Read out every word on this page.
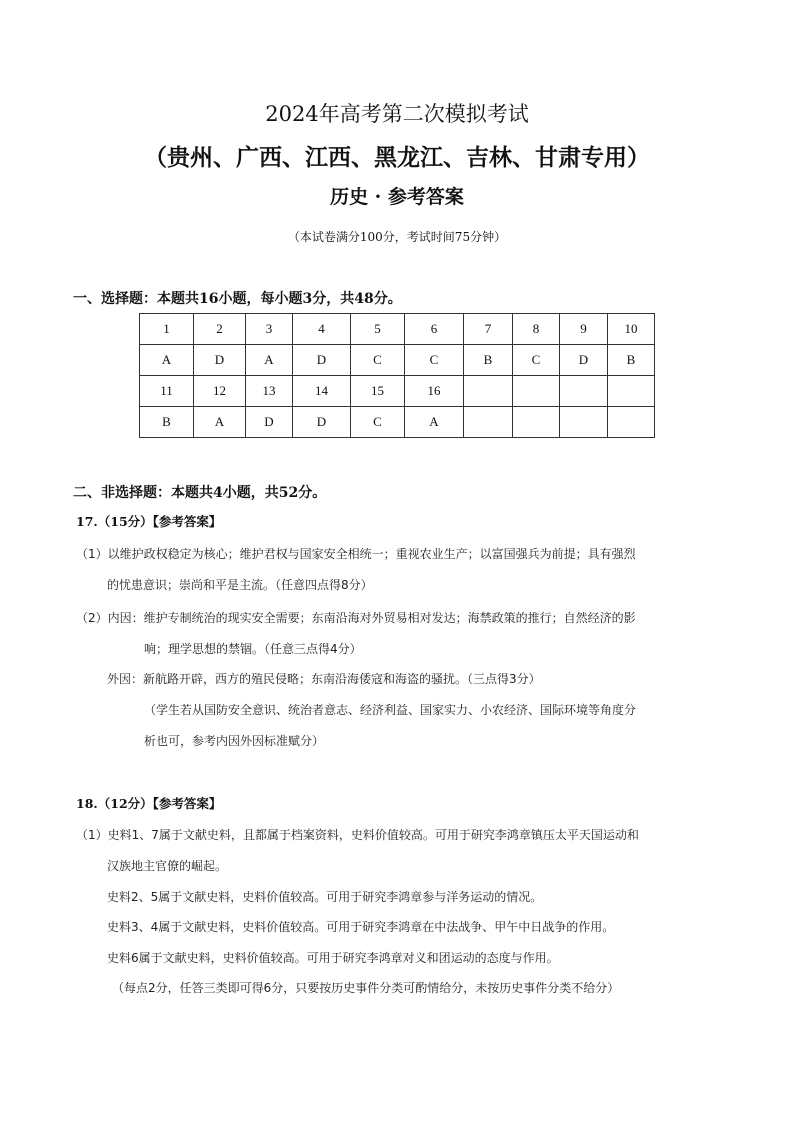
2024年高考第二次模拟考试
（贵州、广西、江西、黑龙江、吉林、甘肃专用）
历史 · 参考答案
（本试卷满分100分，考试时间75分钟）
一、选择题：本题共16小题，每小题3分，共48分。
1	2	3	4	5	6	7	8	9	10
A	D	A	D	C	C	B	C	D	B
11	12	13	14	15	16				
B	A	D	D	C	A				
二、非选择题：本题共4小题，共52分。
17.（15分）【参考答案】
（1）以维护政权稳定为核心；维护君权与国家安全相统一；重视农业生产；以富国强兵为前提；具有强烈
的忧患意识；崇尚和平是主流。（任意四点得8分）
（2）内因：维护专制统治的现实安全需要；东南沿海对外贸易相对发达；海禁政策的推行；自然经济的影
响；理学思想的禁锢。（任意三点得4分）
外因：新航路开辟，西方的殖民侵略；东南沿海倭寇和海盗的骚扰。（三点得3分）
（学生若从国防安全意识、统治者意志、经济利益、国家实力、小农经济、国际环境等角度分
析也可，参考内因外因标准赋分）
18.（12分）【参考答案】
（1）史料1、7属于文献史料，且都属于档案资料，史料价值较高。可用于研究李鸿章镇压太平天国运动和
汉族地主官僚的崛起。
史料2、5属于文献史料，史料价值较高。可用于研究李鸿章参与洋务运动的情况。
史料3、4属于文献史料，史料价值较高。可用于研究李鸿章在中法战争、甲午中日战争的作用。
史料6属于文献史料，史料价值较高。可用于研究李鸿章对义和团运动的态度与作用。
（每点2分，任答三类即可得6分，只要按历史事件分类可酌情给分，未按历史事件分类不给分）
